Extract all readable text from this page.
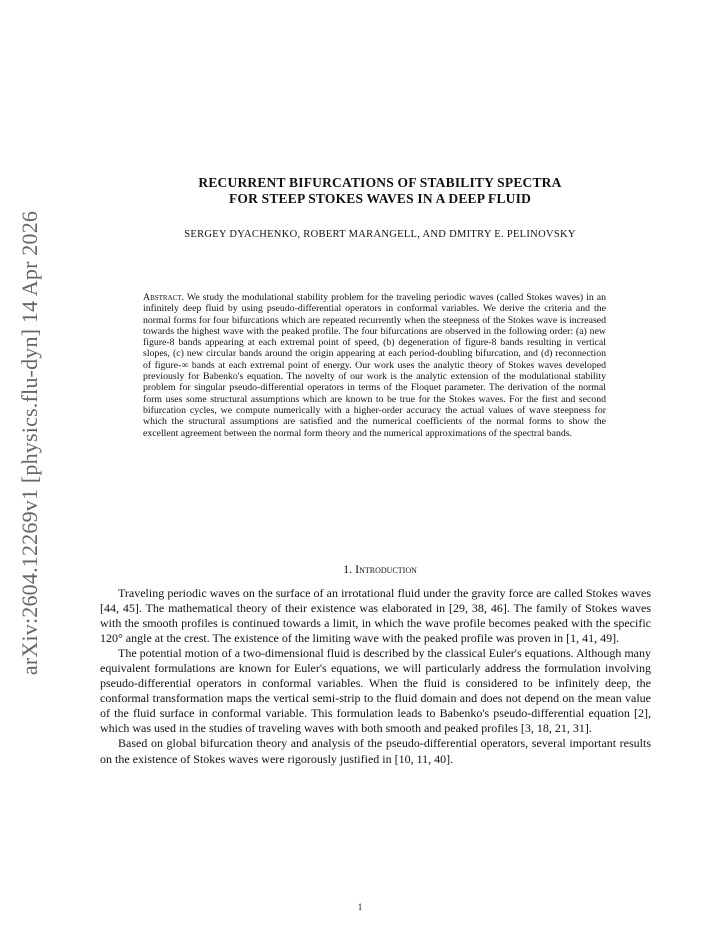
arXiv:2604.12269v1 [physics.flu-dyn] 14 Apr 2026
RECURRENT BIFURCATIONS OF STABILITY SPECTRA
FOR STEEP STOKES WAVES IN A DEEP FLUID
SERGEY DYACHENKO, ROBERT MARANGELL, AND DMITRY E. PELINOVSKY
Abstract. We study the modulational stability problem for the traveling periodic waves (called Stokes waves) in an infinitely deep fluid by using pseudo-differential operators in conformal variables. We derive the criteria and the normal forms for four bifurcations which are repeated recurrently when the steepness of the Stokes wave is increased towards the highest wave with the peaked profile. The four bifurcations are observed in the following order: (a) new figure-8 bands appearing at each extremal point of speed, (b) degeneration of figure-8 bands resulting in vertical slopes, (c) new circular bands around the origin appearing at each period-doubling bifurcation, and (d) reconnection of figure-∞ bands at each extremal point of energy. Our work uses the analytic theory of Stokes waves developed previously for Babenko's equation. The novelty of our work is the analytic extension of the modulational stability problem for singular pseudo-differential operators in terms of the Floquet parameter. The derivation of the normal form uses some structural assumptions which are known to be true for the Stokes waves. For the first and second bifurcation cycles, we compute numerically with a higher-order accuracy the actual values of wave steepness for which the structural assumptions are satisfied and the numerical coefficients of the normal forms to show the excellent agreement between the normal form theory and the numerical approximations of the spectral bands.
1. Introduction

Traveling periodic waves on the surface of an irrotational fluid under the gravity force are called Stokes waves [44, 45]. The mathematical theory of their existence was elaborated in [29, 38, 46]. The family of Stokes waves with the smooth profiles is continued towards a limit, in which the wave profile becomes peaked with the specific 120° angle at the crest. The existence of the limiting wave with the peaked profile was proven in [1, 41, 49].

The potential motion of a two-dimensional fluid is described by the classical Euler's equations. Although many equivalent formulations are known for Euler's equations, we will particularly address the formulation involving pseudo-differential operators in conformal variables. When the fluid is considered to be infinitely deep, the conformal transformation maps the vertical semi-strip to the fluid domain and does not depend on the mean value of the fluid surface in conformal variable. This formulation leads to Babenko's pseudo-differential equation [2], which was used in the studies of traveling waves with both smooth and peaked profiles [3, 18, 21, 31].

Based on global bifurcation theory and analysis of the pseudo-differential operators, several important results on the existence of Stokes waves were rigorously justified in [10, 11, 40].

1
